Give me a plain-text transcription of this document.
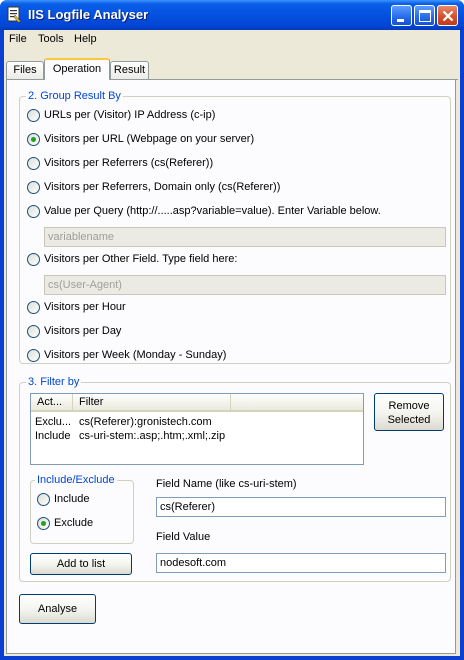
IIS Logfile Analyser
File Tools Help
Files	Operation	Result
2. Group Result By
URLs per (Visitor) IP Address (c-ip)
Visitors per URL (Webpage on your server)
Visitors per Referrers (cs(Referer))
Visitors per Referrers, Domain only (cs(Referer))
Value per Query (http://.....asp?variable=value). Enter Variable below.
variablename
Visitors per Other Field. Type field here:
cs(User-Agent)
Visitors per Hour
Visitors per Day
Visitors per Week (Monday - Sunday)
3. Filter by
Act...	Filter
Exclu... cs(Referer):gronistech.com
Include cs-uri-stem:.asp;.htm;.xml;.zip
Remove
Selected
Include/Exclude
Include
Exclude
Field Name (like cs-uri-stem)
cs(Referer)
Field Value
nodesoft.com
Add to list
Analyse
